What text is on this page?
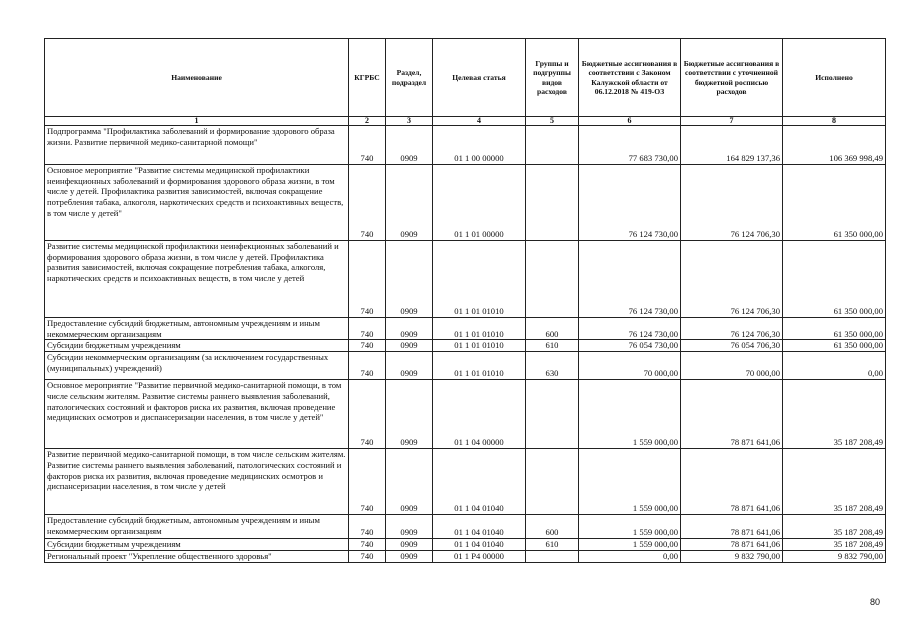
Наименование	КГРБС	Раздел, подраздел	Целевая статья	Группы и подгруппы видов расходов	Бюджетные ассигнования в соответствии с Законом Калужской области от 06.12.2018 № 419-ОЗ	Бюджетные ассигнования в соответствии с уточненной бюджетной росписью расходов	Исполнено
1	2	3	4	5	6	7	8
Подпрограмма "Профилактика заболеваний и формирование здорового образа жизни. Развитие первичной медико-санитарной помощи"	740	0909	01 1 00 00000		77 683 730,00	164 829 137,36	106 369 998,49
Основное мероприятие "Развитие системы медицинской профилактики неинфекционных заболеваний и формирования здорового образа жизни, в том числе у детей. Профилактика развития зависимостей, включая сокращение потребления табака, алкоголя, наркотических средств и психоактивных веществ, в том числе у детей"	740	0909	01 1 01 00000		76 124 730,00	76 124 706,30	61 350 000,00
Развитие системы медицинской профилактики неинфекционных заболеваний и формирования здорового образа жизни, в том числе у детей. Профилактика развития зависимостей, включая сокращение потребления табака, алкоголя, наркотических средств и психоактивных веществ, в том числе у детей	740	0909	01 1 01 01010		76 124 730,00	76 124 706,30	61 350 000,00
Предоставление субсидий бюджетным, автономным учреждениям и иным некоммерческим организациям	740	0909	01 1 01 01010	600	76 124 730,00	76 124 706,30	61 350 000,00
Субсидии бюджетным учреждениям	740	0909	01 1 01 01010	610	76 054 730,00	76 054 706,30	61 350 000,00
Субсидии некоммерческим организациям (за исключением государственных (муниципальных) учреждений)	740	0909	01 1 01 01010	630	70 000,00	70 000,00	0,00
Основное мероприятие "Развитие первичной медико-санитарной помощи, в том числе сельским жителям. Развитие системы раннего выявления заболеваний, патологических состояний и факторов риска их развития, включая проведение медицинских осмотров и диспансеризации населения, в том числе у детей"	740	0909	01 1 04 00000		1 559 000,00	78 871 641,06	35 187 208,49
Развитие первичной медико-санитарной помощи, в том числе сельским жителям. Развитие системы раннего выявления заболеваний, патологических состояний и факторов риска их развития, включая проведение медицинских осмотров и диспансеризации населения, в том числе у детей	740	0909	01 1 04 01040		1 559 000,00	78 871 641,06	35 187 208,49
Предоставление субсидий бюджетным, автономным учреждениям и иным некоммерческим организациям	740	0909	01 1 04 01040	600	1 559 000,00	78 871 641,06	35 187 208,49
Субсидии бюджетным учреждениям	740	0909	01 1 04 01040	610	1 559 000,00	78 871 641,06	35 187 208,49
Региональный проект "Укрепление общественного здоровья"	740	0909	01 1 P4 00000		0,00	9 832 790,00	9 832 790,00
80
